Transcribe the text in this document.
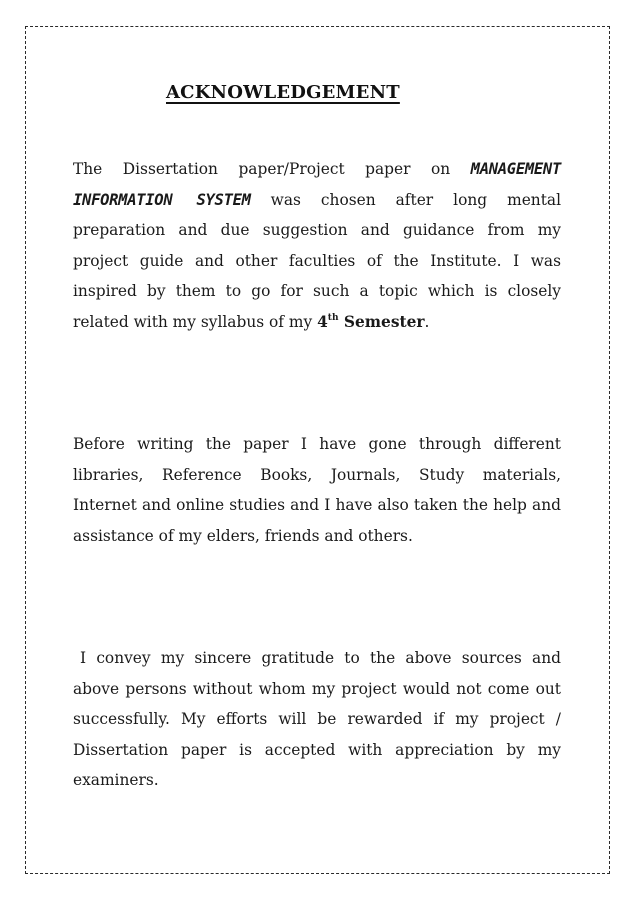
ACKNOWLEDGEMENT

The Dissertation paper/Project paper on MANAGEMENT INFORMATION SYSTEM was chosen after long mental preparation and due suggestion and guidance from my project guide and other faculties of the Institute. I was inspired by them to go for such a topic which is closely related with my syllabus of my 4th Semester.

Before writing the paper I have gone through different libraries, Reference Books, Journals, Study materials, Internet and online studies and I have also taken the help and assistance of my elders, friends and others.

I convey my sincere gratitude to the above sources and above persons without whom my project would not come out successfully. My efforts will be rewarded if my project / Dissertation paper is accepted with appreciation by my examiners.
